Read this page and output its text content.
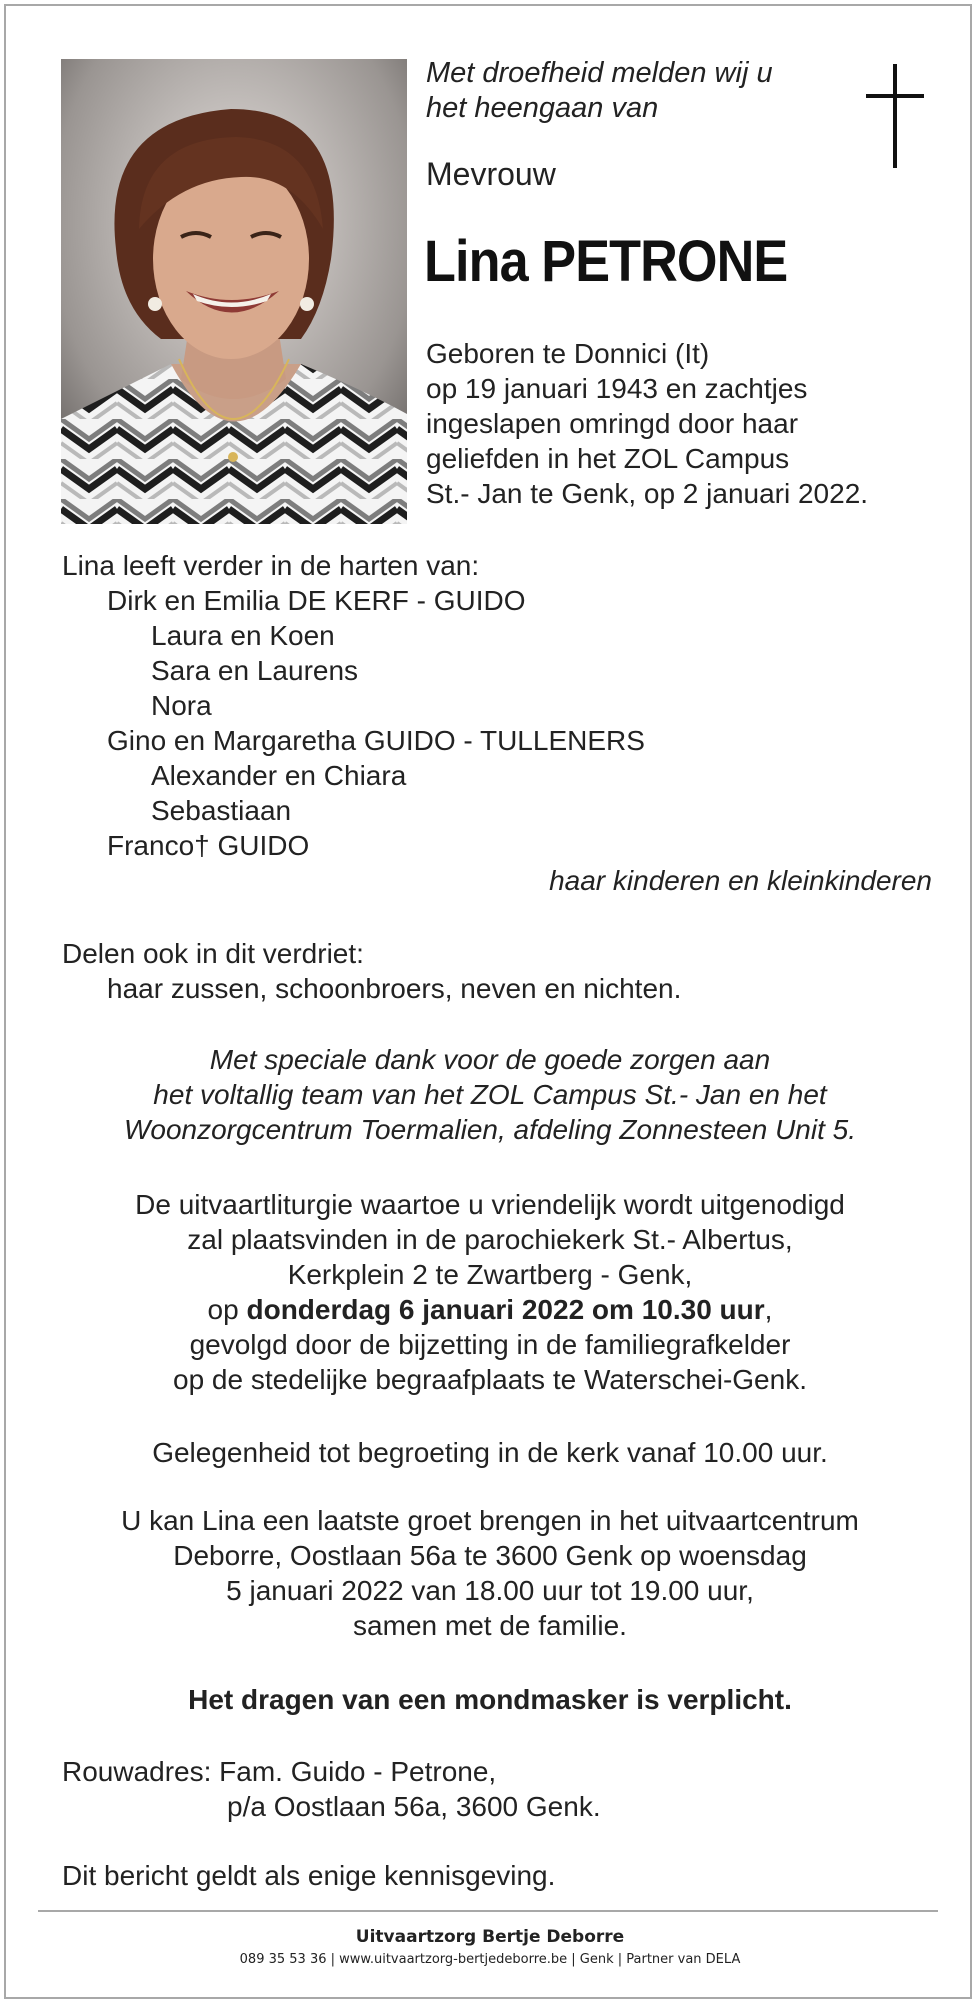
Met droefheid melden wij u
het heengaan van
Mevrouw
Lina PETRONE
Geboren te Donnici (It)
op 19 januari 1943 en zachtjes
ingeslapen omringd door haar
geliefden in het ZOL Campus
St.- Jan te Genk, op 2 januari 2022.
Lina leeft verder in de harten van:
Dirk en Emilia DE KERF - GUIDO
Laura en Koen
Sara en Laurens
Nora
Gino en Margaretha GUIDO - TULLENERS
Alexander en Chiara
Sebastiaan
Franco† GUIDO
haar kinderen en kleinkinderen
Delen ook in dit verdriet:
haar zussen, schoonbroers, neven en nichten.
Met speciale dank voor de goede zorgen aan
het voltallig team van het ZOL Campus St.- Jan en het
Woonzorgcentrum Toermalien, afdeling Zonnesteen Unit 5.
De uitvaartliturgie waartoe u vriendelijk wordt uitgenodigd
zal plaatsvinden in de parochiekerk St.- Albertus,
Kerkplein 2 te Zwartberg - Genk,
op donderdag 6 januari 2022 om 10.30 uur,
gevolgd door de bijzetting in de familiegrafkelder
op de stedelijke begraafplaats te Waterschei-Genk.
Gelegenheid tot begroeting in de kerk vanaf 10.00 uur.
U kan Lina een laatste groet brengen in het uitvaartcentrum
Deborre, Oostlaan 56a te 3600 Genk op woensdag
5 januari 2022 van 18.00 uur tot 19.00 uur,
samen met de familie.
Het dragen van een mondmasker is verplicht.
Rouwadres: Fam. Guido - Petrone,
p/a Oostlaan 56a, 3600 Genk.
Dit bericht geldt als enige kennisgeving.
Uitvaartzorg Bertje Deborre
089 35 53 36 | www.uitvaartzorg-bertjedeborre.be | Genk | Partner van DELA
